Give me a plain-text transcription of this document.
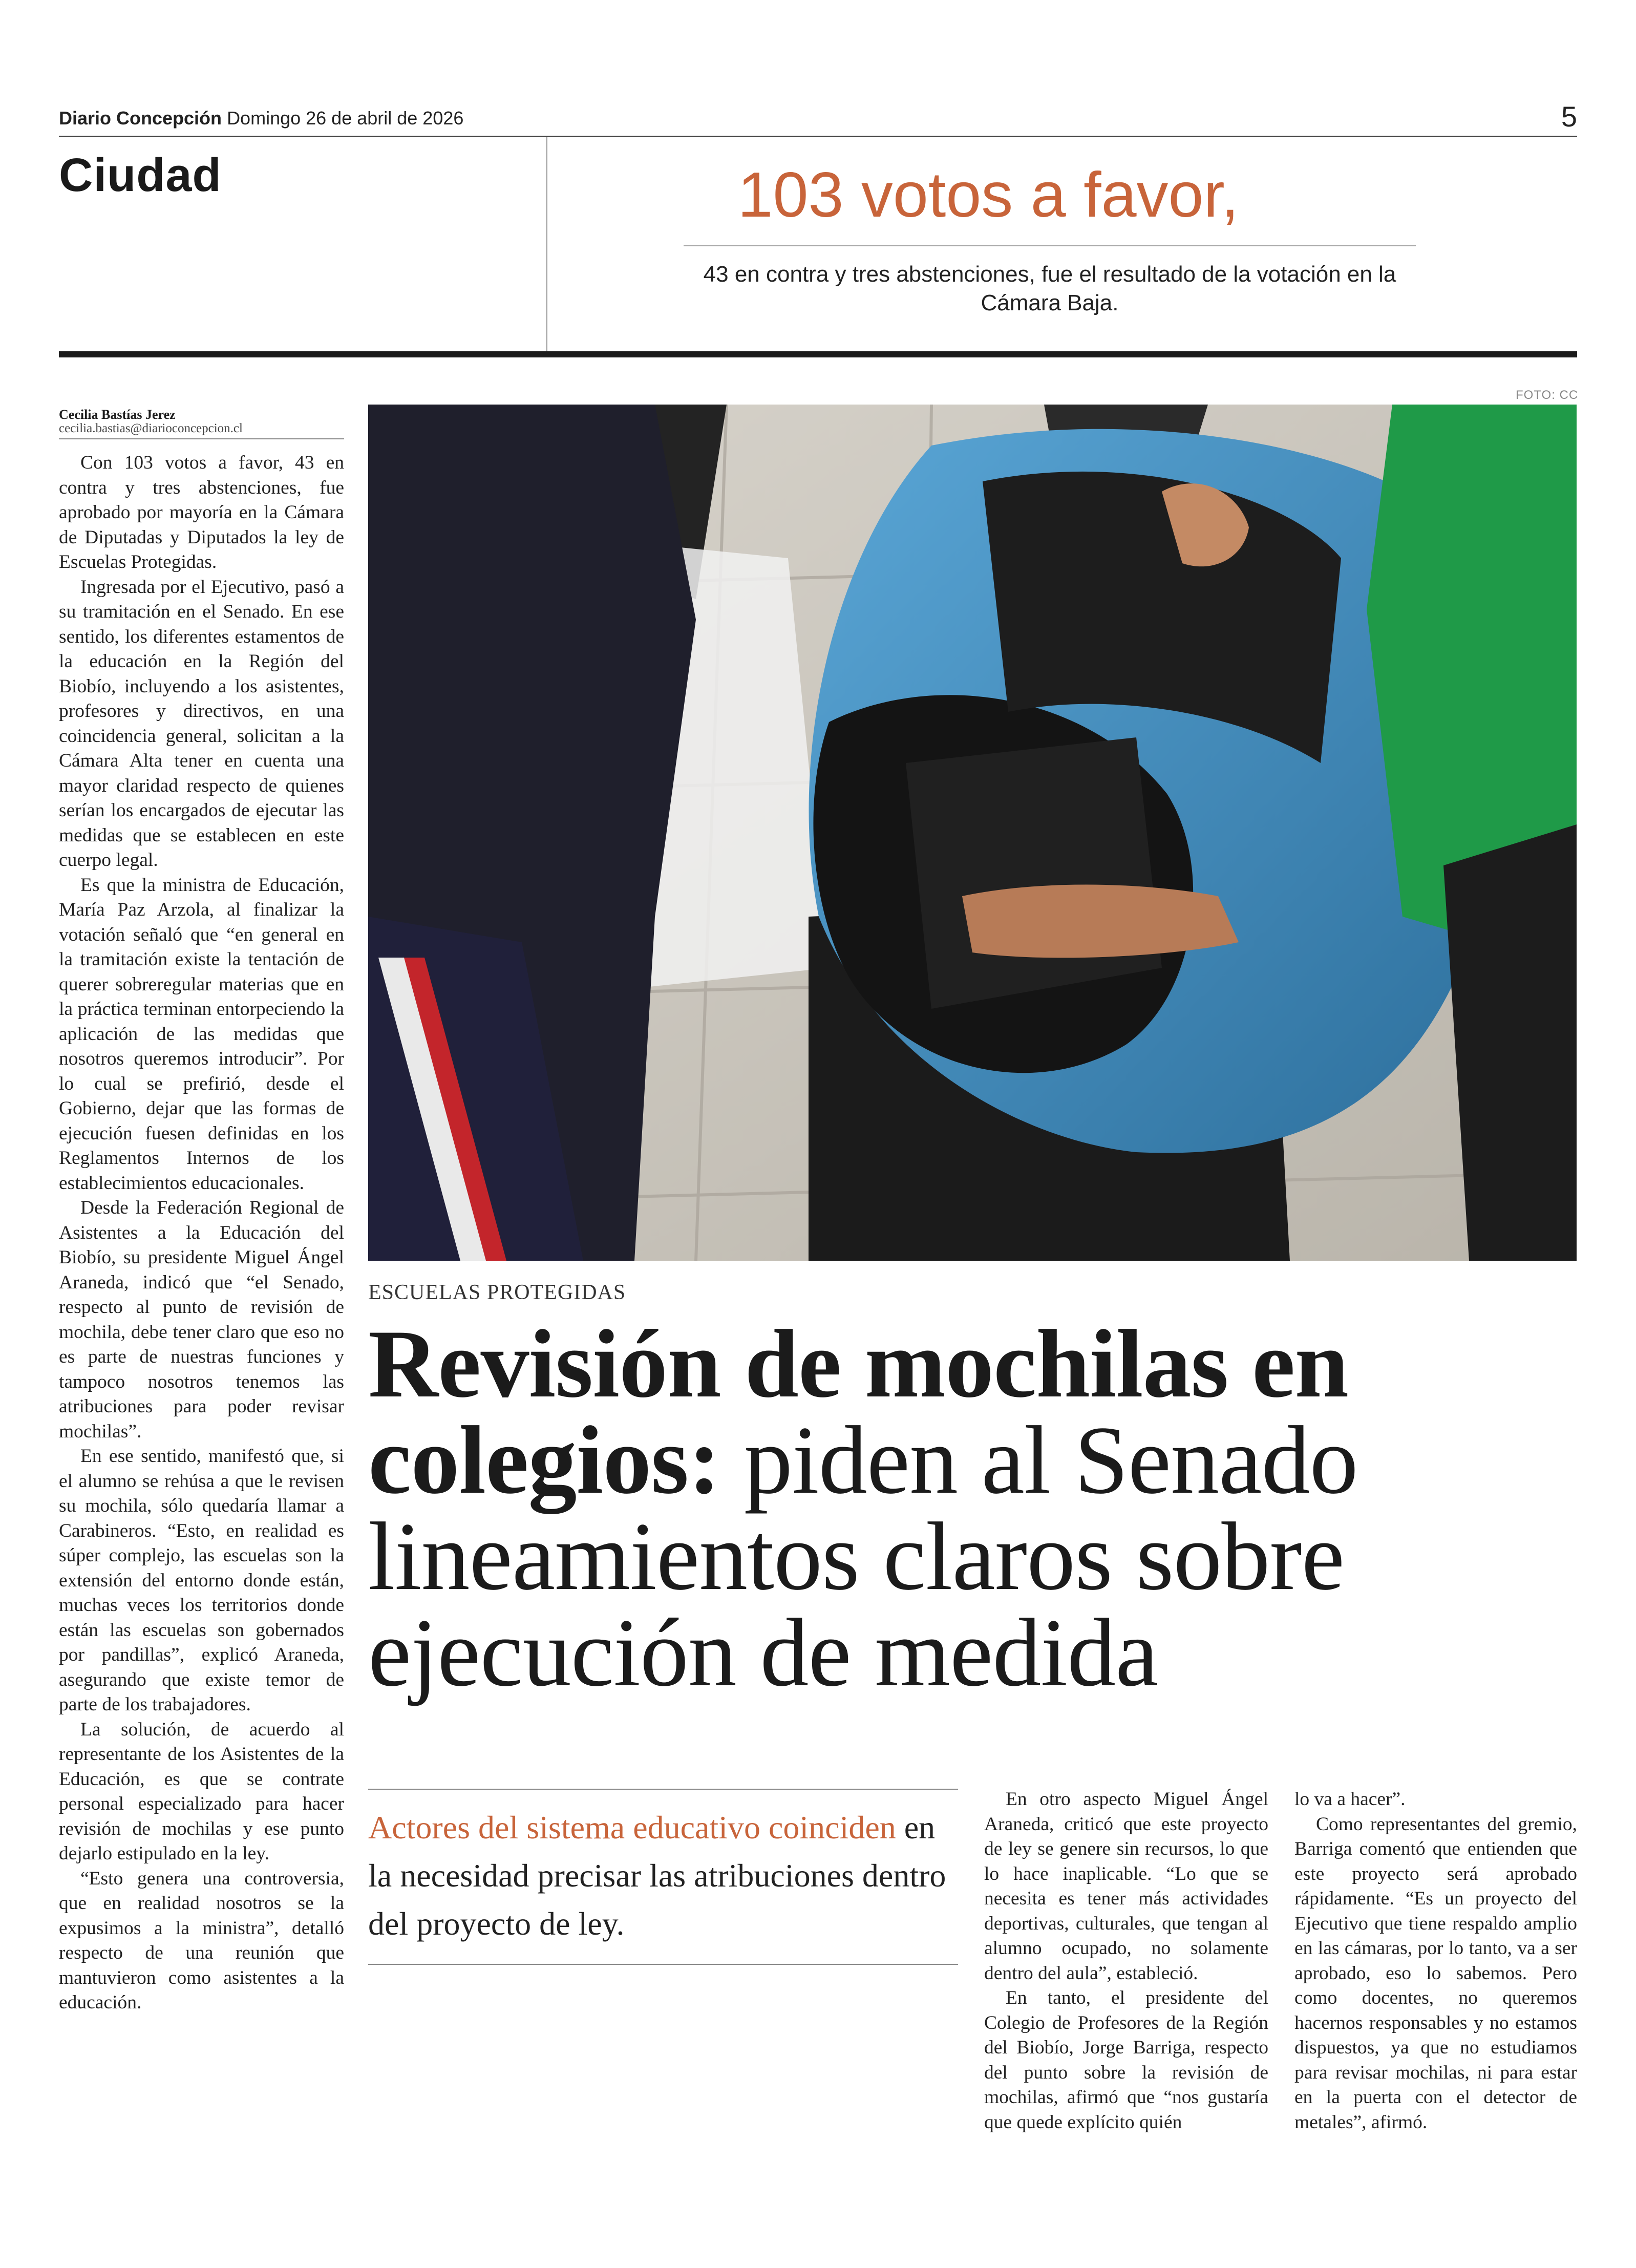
Diario Concepción Domingo 26 de abril de 2026	5
Ciudad	103 votos a favor,
43 en contra y tres abstenciones, fue el resultado de la votación en la Cámara Baja.
Cecilia Bastías Jerez
cecilia.bastias@diarioconcepcion.cl

Con 103 votos a favor, 43 en contra y tres abstenciones, fue aprobado por mayoría en la Cámara de Diputadas y Diputados la ley de Escuelas Protegidas.

Ingresada por el Ejecutivo, pasó a su tramitación en el Senado. En ese sentido, los diferentes estamentos de la educación en la Región del Biobío, incluyendo a los asistentes, profesores y directivos, en una coincidencia general, solicitan a la Cámara Alta tener en cuenta una mayor claridad respecto de quienes serían los encargados de ejecutar las medidas que se establecen en este cuerpo legal.

Es que la ministra de Educación, María Paz Arzola, al finalizar la votación señaló que “en general en la tramitación existe la tentación de querer sobreregular materias que en la práctica terminan entorpeciendo la aplicación de las medidas que nosotros queremos introducir”. Por lo cual se prefirió, desde el Gobierno, dejar que las formas de ejecución fuesen definidas en los Reglamentos Internos de los establecimientos educacionales.

Desde la Federación Regional de Asistentes a la Educación del Biobío, su presidente Miguel Ángel Araneda, indicó que “el Senado, respecto al punto de revisión de mochila, debe tener claro que eso no es parte de nuestras funciones y tampoco nosotros tenemos las atribuciones para poder revisar mochilas”.

En ese sentido, manifestó que, si el alumno se rehúsa a que le revisen su mochila, sólo quedaría llamar a Carabineros. “Esto, en realidad es súper complejo, las escuelas son la extensión del entorno donde están, muchas veces los territorios donde están las escuelas son gobernados por pandillas”, explicó Araneda, asegurando que existe temor de parte de los trabajadores.

La solución, de acuerdo al representante de los Asistentes de la Educación, es que se contrate personal especializado para hacer revisión de mochilas y ese punto dejarlo estipulado en la ley.

“Esto genera una controversia, que en realidad nosotros se la expusimos a la ministra”, detalló respecto de una reunión que mantuvieron como asistentes a la educación.

FOTO: CC
ESCUELAS PROTEGIDAS
Revisión de mochilas en colegios: piden al Senado lineamientos claros sobre ejecución de medida
Actores del sistema educativo coinciden en la necesidad precisar las atribuciones dentro del proyecto de ley.

En otro aspecto Miguel Ángel Araneda, criticó que este proyecto de ley se genere sin recursos, lo que lo hace inaplicable. “Lo que se necesita es tener más actividades deportivas, culturales, que tengan al alumno ocupado, no solamente dentro del aula”, estableció.

En tanto, el presidente del Colegio de Profesores de la Región del Biobío, Jorge Barriga, respecto del punto sobre la revisión de mochilas, afirmó que “nos gustaría que quede explícito quién

lo va a hacer”.

Como representantes del gremio, Barriga comentó que entienden que este proyecto será aprobado rápidamente. “Es un proyecto del Ejecutivo que tiene respaldo amplio en las cámaras, por lo tanto, va a ser aprobado, eso lo sabemos. Pero como docentes, no queremos hacernos responsables y no estamos dispuestos, ya que no estudiamos para revisar mochilas, ni para estar en la puerta con el detector de metales”, afirmó.
